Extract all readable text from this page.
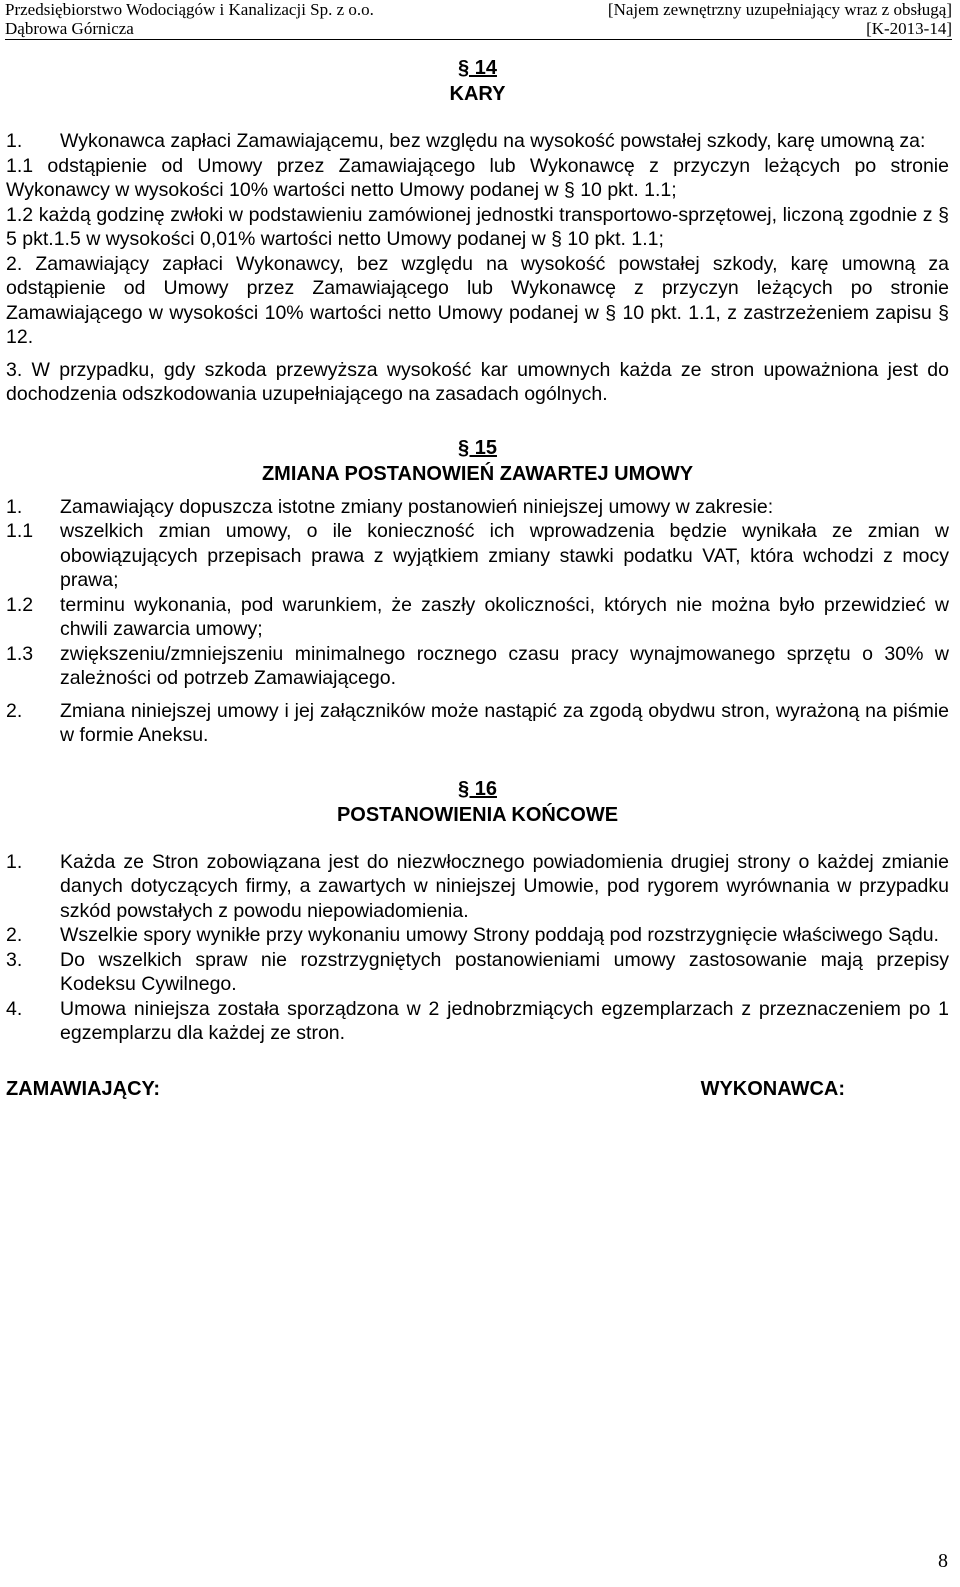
Przedsiębiorstwo Wodociągów i Kanalizacji Sp. z o.o.	[Najem zewnętrzny uzupełniający wraz z obsługą]
Dąbrowa Górnicza	[K-2013-14]
§ 14
KARY
1.	Wykonawca zapłaci Zamawiającemu, bez względu na wysokość powstałej szkody, karę umowną za:
1.1 odstąpienie od Umowy przez Zamawiającego lub Wykonawcę z przyczyn leżących po stronie Wykonawcy w wysokości 10% wartości netto Umowy podanej w § 10 pkt. 1.1;
1.2 każdą godzinę zwłoki w podstawieniu zamówionej jednostki transportowo-sprzętowej, liczoną zgodnie z § 5 pkt.1.5 w wysokości 0,01% wartości netto Umowy podanej w § 10 pkt. 1.1;
2. Zamawiający zapłaci Wykonawcy, bez względu na wysokość powstałej szkody, karę umowną za odstąpienie od Umowy przez Zamawiającego lub Wykonawcę z przyczyn leżących po stronie Zamawiającego w wysokości 10% wartości netto Umowy podanej w § 10 pkt. 1.1, z zastrzeżeniem zapisu § 12.
3. W przypadku, gdy szkoda przewyższa wysokość kar umownych każda ze stron upoważniona jest do dochodzenia odszkodowania uzupełniającego na zasadach ogólnych.
§ 15
ZMIANA POSTANOWIEŃ ZAWARTEJ UMOWY
1.	Zamawiający dopuszcza istotne zmiany postanowień niniejszej umowy w zakresie:
1.1	wszelkich zmian umowy, o ile konieczność ich wprowadzenia będzie wynikała ze zmian w obowiązujących przepisach prawa z wyjątkiem zmiany stawki podatku VAT, która wchodzi z mocy prawa;
1.2	terminu wykonania, pod warunkiem, że zaszły okoliczności, których nie można było przewidzieć w chwili zawarcia umowy;
1.3	zwiększeniu/zmniejszeniu minimalnego rocznego czasu pracy wynajmowanego sprzętu o 30% w zależności od potrzeb Zamawiającego.
2.	Zmiana niniejszej umowy i jej załączników może nastąpić za zgodą obydwu stron, wyrażoną na piśmie w formie Aneksu.
§ 16
POSTANOWIENIA KOŃCOWE
1.	Każda ze Stron zobowiązana jest do niezwłocznego powiadomienia drugiej strony o każdej zmianie danych dotyczących firmy, a zawartych w niniejszej Umowie, pod rygorem wyrównania w przypadku szkód powstałych z powodu niepowiadomienia.
2.	Wszelkie spory wynikłe przy wykonaniu umowy Strony poddają pod rozstrzygnięcie właściwego Sądu.
3.	Do wszelkich spraw nie rozstrzygniętych postanowieniami umowy zastosowanie mają przepisy Kodeksu Cywilnego.
4.	Umowa niniejsza została sporządzona w 2 jednobrzmiących egzemplarzach z przeznaczeniem po 1 egzemplarzu dla każdej ze stron.
ZAMAWIAJĄCY:	WYKONAWCA:
8
